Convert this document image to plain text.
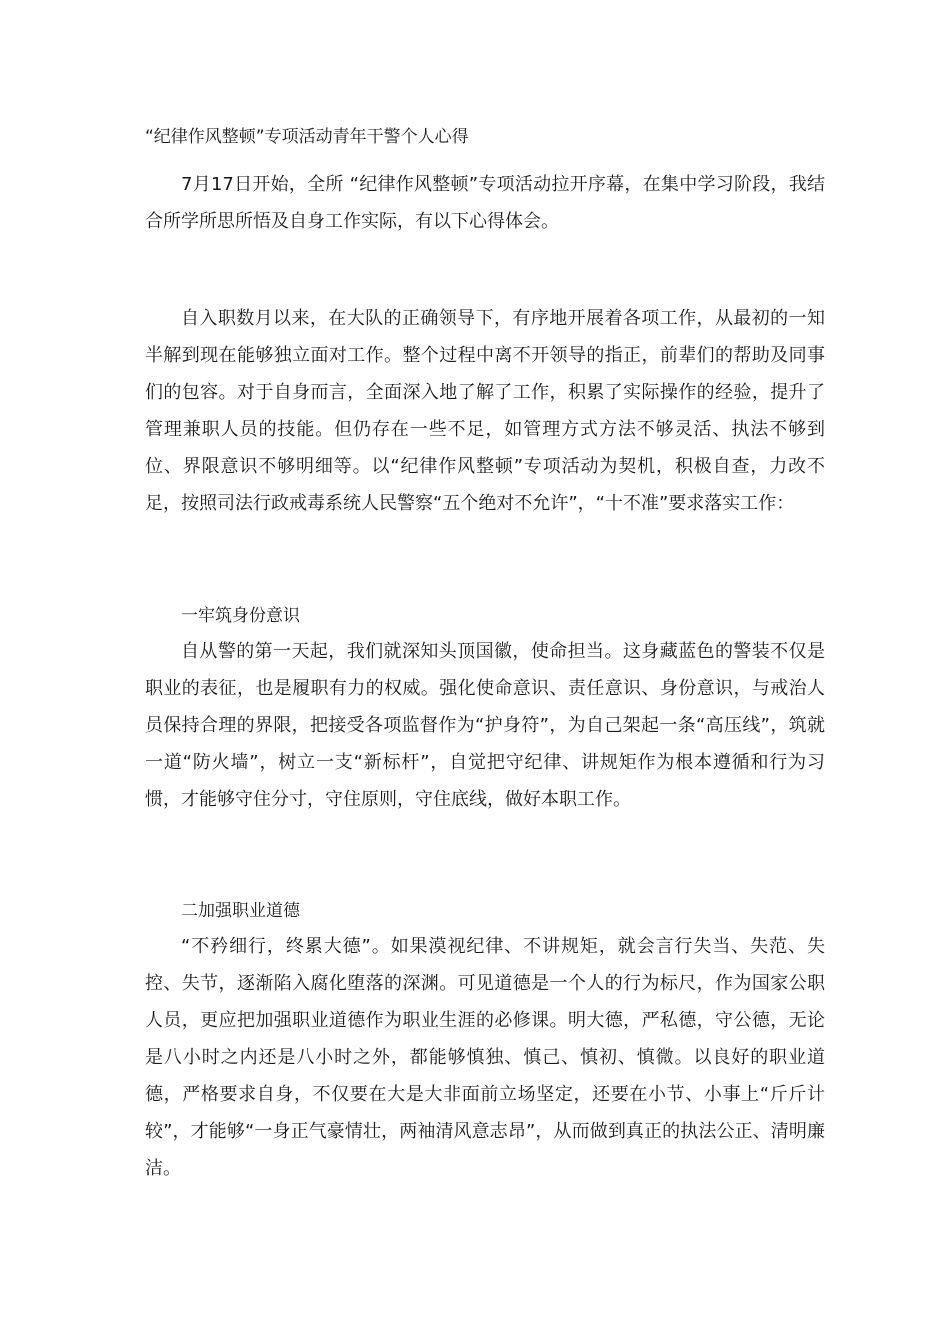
“纪律作风整顿”专项活动青年干警个人心得

7月17日开始，全所 “纪律作风整顿”专项活动拉开序幕，在集中学习阶段，我结合所学所思所悟及自身工作实际，有以下心得体会。

自入职数月以来，在大队的正确领导下，有序地开展着各项工作，从最初的一知半解到现在能够独立面对工作。整个过程中离不开领导的指正，前辈们的帮助及同事们的包容。对于自身而言，全面深入地了解了工作，积累了实际操作的经验，提升了管理兼职人员的技能。但仍存在一些不足，如管理方式方法不够灵活、执法不够到位、界限意识不够明细等。以“纪律作风整顿”专项活动为契机，积极自查，力改不足，按照司法行政戒毒系统人民警察“五个绝对不允许”，“十不准”要求落实工作：

一牢筑身份意识

自从警的第一天起，我们就深知头顶国徽，使命担当。这身藏蓝色的警装不仅是职业的表征，也是履职有力的权威。强化使命意识、责任意识、身份意识，与戒治人员保持合理的界限，把接受各项监督作为“护身符”，为自己架起一条“高压线”，筑就一道“防火墙”，树立一支“新标杆”，自觉把守纪律、讲规矩作为根本遵循和行为习惯，才能够守住分寸，守住原则，守住底线，做好本职工作。

二加强职业道德

“不矜细行，终累大德”。如果漠视纪律、不讲规矩，就会言行失当、失范、失控、失节，逐渐陷入腐化堕落的深渊。可见道德是一个人的行为标尺，作为国家公职人员，更应把加强职业道德作为职业生涯的必修课。明大德，严私德，守公德，无论是八小时之内还是八小时之外，都能够慎独、慎己、慎初、慎微。以良好的职业道德，严格要求自身，不仅要在大是大非面前立场坚定，还要在小节、小事上“斤斤计较”，才能够“一身正气豪情壮，两袖清风意志昂”，从而做到真正的执法公正、清明廉洁。
